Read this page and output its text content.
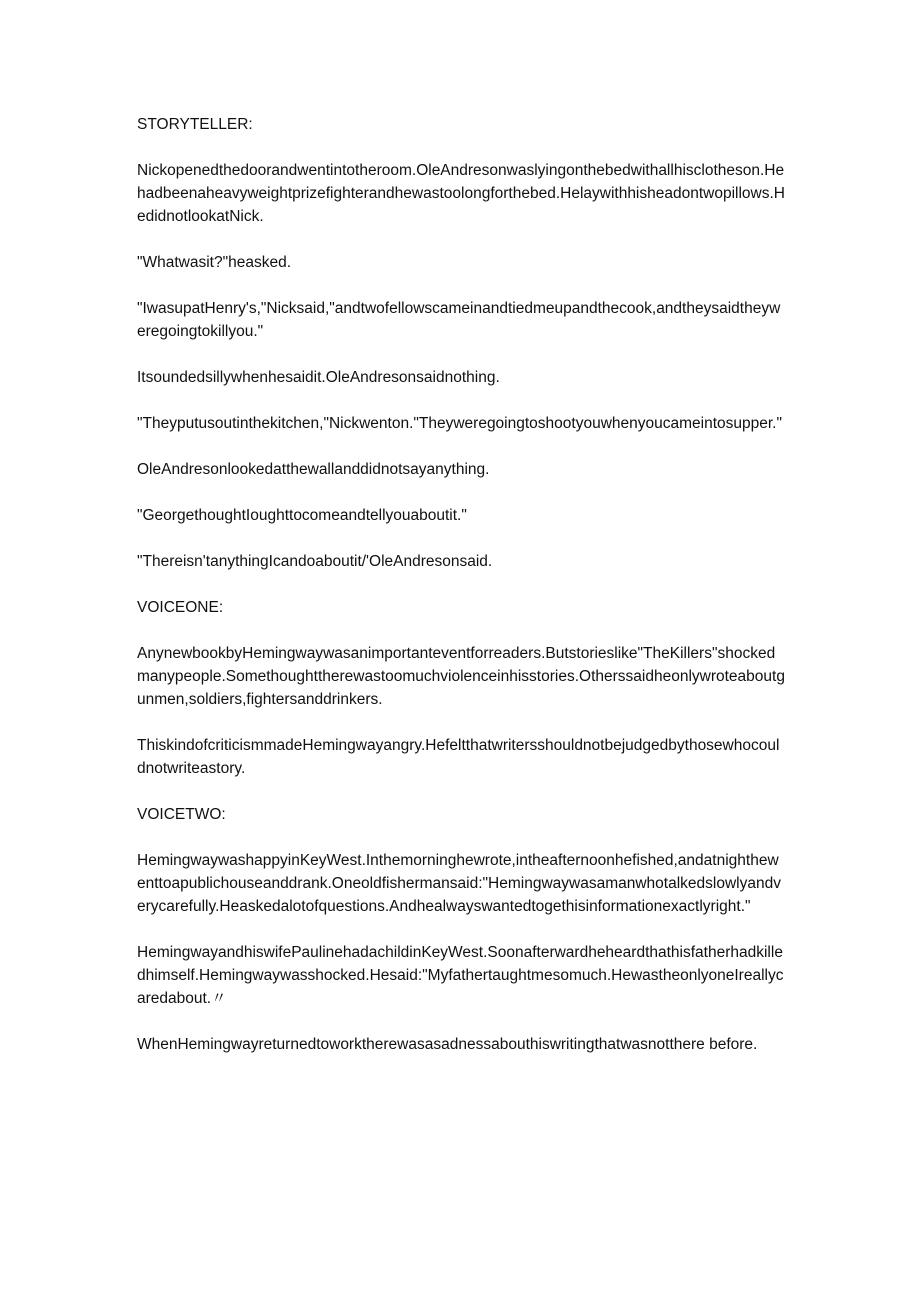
STORYTELLER:

Nickopenedthedoorandwentintotheroom.OleAndresonwaslyingonthebedwithallhisclotheson.Hehadbeenaheavyweightprizefighterandhewastoolongforthebed.Helaywithhisheadontwopillows.HedidnotlookatNick.

"Whatwasit?"heasked.

"IwasupatHenry's,"Nicksaid,"andtwofellowscameinandtiedmeupandthecook,andtheysaidtheyweregoingtokillyou."

Itsoundedsillywhenhesaidit.OleAndresonsaidnothing.

"Theyputusoutinthekitchen,"Nickwenton."Theyweregoingtoshootyouwhenyoucameintosupper."

OleAndresonlookedatthewallanddidnotsayanything.

"GeorgethoughtIoughttocomeandtellyouaboutit."

"Thereisn'tanythingIcandoaboutit/'OleAndresonsaid.

VOICEONE:

AnynewbookbyHemingwaywasanimportanteventforreaders.Butstorieslike"TheKillers"shockedmanypeople.Somethoughttherewastoomuchviolenceinhisstories.Otherssaidheonlywroteaboutgunmen,soldiers,fightersanddrinkers.

ThiskindofcriticismmadeHemingwayangry.Hefeltthatwritersshouldnotbejudgedbythosewhocouldnotwriteastory.

VOICETWO:

HemingwaywashappyinKeyWest.Inthemorninghewrote,intheafternoonhefished,andatnighthewenttoapublichouseanddrank.Oneoldfishermansaid:"Hemingwaywasamanwhotalkedslowlyandverycarefully.Heaskedalotofquestions.Andhealwayswantedtogethisinformationexactlyright."

HemingwayandhiswifePaulinehadachildinKeyWest.Soonafterwardheheardthathisfatherhadkilledhimself.Hemingwaywasshocked.Hesaid:"Myfathertaughtmesomuch.HewastheonlyoneIreallycaredabout.〃

WhenHemingwayreturnedtoworktherewasasadnessabouthiswritingthatwasnotthere before.
